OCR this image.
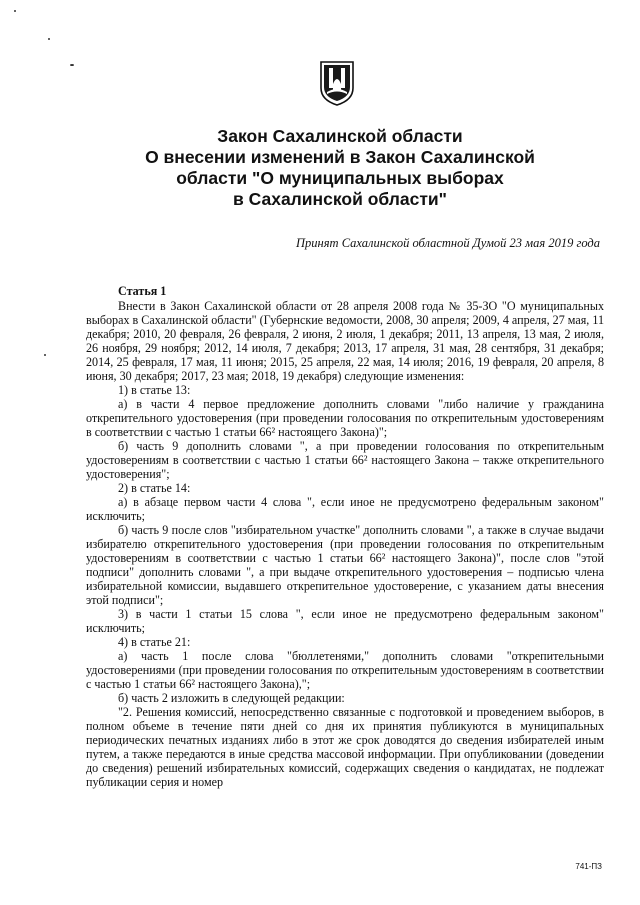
Закон Сахалинской области
О внесении изменений в Закон Сахалинской
области "О муниципальных выборах
в Сахалинской области"
Принят Сахалинской областной Думой 23 мая 2019 года
Статья 1

Внести в Закон Сахалинской области от 28 апреля 2008 года № 35-ЗО "О муниципальных выборах в Сахалинской области" (Губернские ведомости, 2008, 30 апреля; 2009, 4 апреля, 27 мая, 11 декабря; 2010, 20 февраля, 26 февраля, 2 июня, 2 июля, 1 декабря; 2011, 13 апреля, 13 мая, 2 июля, 26 ноября, 29 ноября; 2012, 14 июля, 7 декабря; 2013, 17 апреля, 31 мая, 28 сентября, 31 декабря; 2014, 25 февраля, 17 мая, 11 июня; 2015, 25 апреля, 22 мая, 14 июля; 2016, 19 февраля, 20 апреля, 8 июня, 30 декабря; 2017, 23 мая; 2018, 19 декабря) следующие изменения:

1) в статье 13:

а) в части 4 первое предложение дополнить словами "либо наличие у гражданина открепительного удостоверения (при проведении голосования по открепительным удостоверениям в соответствии с частью 1 статьи 66² настоящего Закона)";

б) часть 9 дополнить словами ", а при проведении голосования по открепительным удостоверениям в соответствии с частью 1 статьи 66² настоящего Закона – также открепительного удостоверения";

2) в статье 14:

а) в абзаце первом части 4 слова ", если иное не предусмотрено федеральным законом" исключить;

б) часть 9 после слов "избирательном участке" дополнить словами ", а также в случае выдачи избирателю открепительного удостоверения (при проведении голосования по открепительным удостоверениям в соответствии с частью 1 статьи 66² настоящего Закона)", после слов "этой подписи" дополнить словами ", а при выдаче открепительного удостоверения – подписью члена избирательной комиссии, выдавшего открепительное удостоверение, с указанием даты внесения этой подписи";

3) в части 1 статьи 15 слова ", если иное не предусмотрено федеральным законом" исключить;

4) в статье 21:

а) часть 1 после слова "бюллетенями," дополнить словами "открепительными удостоверениями (при проведении голосования по открепительным удостоверениям в соответствии с частью 1 статьи 66² настоящего Закона),";

б) часть 2 изложить в следующей редакции:

"2. Решения комиссий, непосредственно связанные с подготовкой и проведением выборов, в полном объеме в течение пяти дней со дня их принятия публикуются в муниципальных периодических печатных изданиях либо в этот же срок доводятся до сведения избирателей иным путем, а также передаются в иные средства массовой информации. При опубликовании (доведении до сведения) решений избирательных комиссий, содержащих сведения о кандидатах, не подлежат публикации серия и номер

741-ПЗ
